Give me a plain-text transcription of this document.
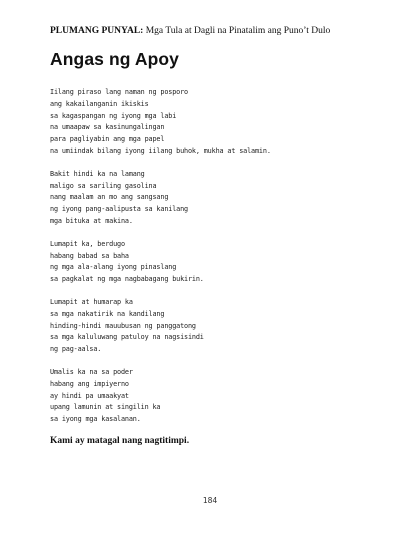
PLUMANG PUNYAL: Mga Tula at Dagli na Pinatalim ang Puno’t Dulo
Angas ng Apoy
Iilang piraso lang naman ng posporo
ang kakailanganin ikiskis
sa kagaspangan ng iyong mga labi
na umaapaw sa kasinungalingan
para pagliyabin ang mga papel
na umiindak bilang iyong iilang buhok, mukha at salamin.
Bakit hindi ka na lamang
maligo sa sariling gasolina
nang maalam an mo ang sangsang
ng iyong pang-aalipusta sa kanilang
mga bituka at makina.
Lumapit ka, berdugo
habang babad sa baha
ng mga ala-alang iyong pinaslang
sa pagkalat ng mga nagbabagang bukirin.
Lumapit at humarap ka
sa mga nakatirik na kandilang
hinding-hindi mauubusan ng panggatong
sa mga kaluluwang patuloy na nagsisindi
ng pag-aalsa.
Umalis ka na sa poder
habang ang impiyerno
ay hindi pa umaakyat
upang lamunin at singilin ka
sa iyong mga kasalanan.
Kami ay matagal nang nagtitimpi.
184
